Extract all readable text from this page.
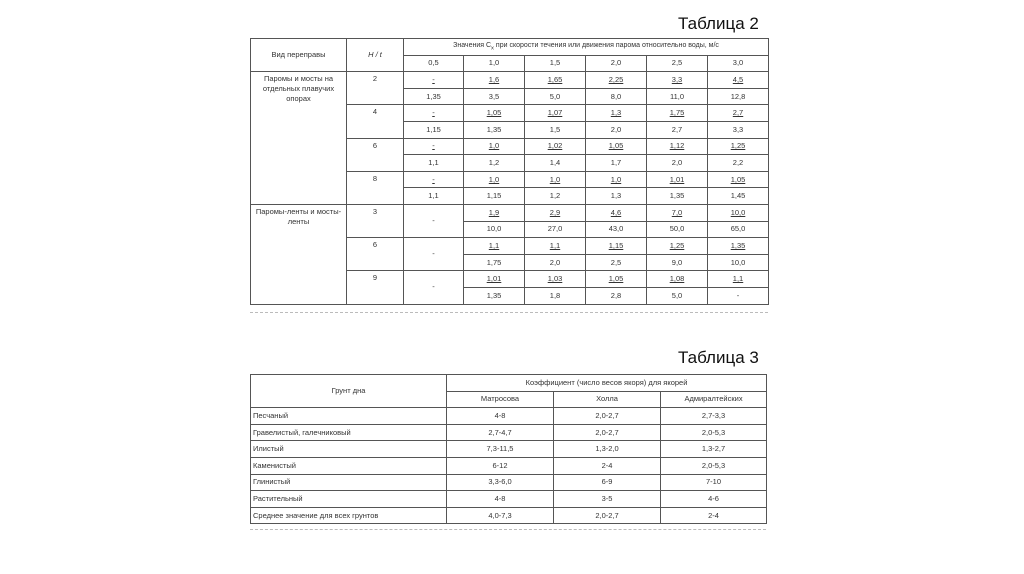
Таблица 2
Вид переправы	H / t	Значения $C_x$ при скорости течения или движения парома относительно воды, м/с					
		0,5	1,0	1,5	2,0	2,5	3,0
Паромы и мосты на отдельных плавучих опорах	2	-	1,6	1,65	2,25	3,3	4,5
		1,35	3,5	5,0	8,0	11,0	12,8
	4	-	1,05	1,07	1,3	1,75	2,7
		1,15	1,35	1,5	2,0	2,7	3,3
	6	-	1,0	1,02	1,05	1,12	1,25
		1,1	1,2	1,4	1,7	2,0	2,2
	8	-	1,0	1,0	1,0	1,01	1,05
		1,1	1,15	1,2	1,3	1,35	1,45
Паромы-ленты и мосты-ленты	3	-	1,9	2,9	4,6	7,0	10,0
			10,0	27,0	43,0	50,0	65,0
	6	-	1,1	1,1	1,15	1,25	1,35
			1,75	2,0	2,5	9,0	10,0
	9	-	1,01	1,03	1,05	1,08	1,1
			1,35	1,8	2,8	5,0	-
Таблица 3
Грунт дна	Коэффициент (число весов якоря) для якорей		
	Матросова	Холла	Адмиралтейских
Песчаный	4-8	2,0-2,7	2,7-3,3
Гравелистый, галечниковый	2,7-4,7	2,0-2,7	2,0-5,3
Илистый	7,3-11,5	1,3-2,0	1,3-2,7
Каменистый	6-12	2-4	2,0-5,3
Глинистый	3,3-6,0	6-9	7-10
Растительный	4-8	3-5	4-6
Среднее значение для всех грунтов	4,0-7,3	2,0-2,7	2-4
